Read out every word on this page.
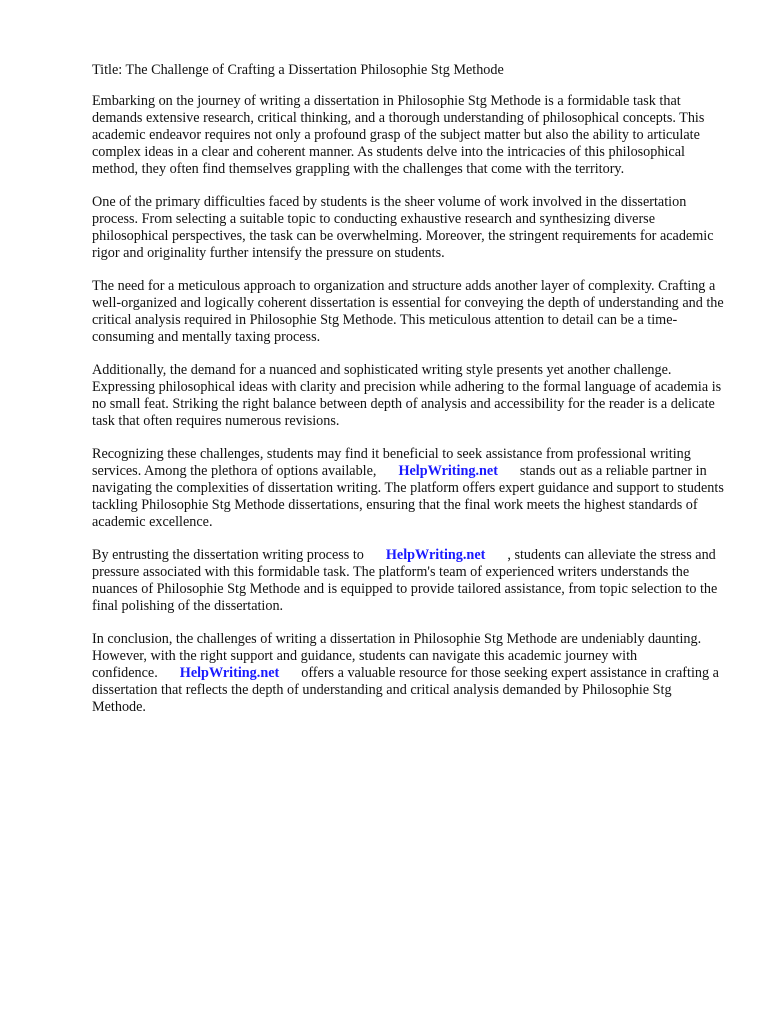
Title: The Challenge of Crafting a Dissertation Philosophie Stg Methode

Embarking on the journey of writing a dissertation in Philosophie Stg Methode is a formidable task that demands extensive research, critical thinking, and a thorough understanding of philosophical concepts. This academic endeavor requires not only a profound grasp of the subject matter but also the ability to articulate complex ideas in a clear and coherent manner. As students delve into the intricacies of this philosophical method, they often find themselves grappling with the challenges that come with the territory.

One of the primary difficulties faced by students is the sheer volume of work involved in the dissertation process. From selecting a suitable topic to conducting exhaustive research and synthesizing diverse philosophical perspectives, the task can be overwhelming. Moreover, the stringent requirements for academic rigor and originality further intensify the pressure on students.

The need for a meticulous approach to organization and structure adds another layer of complexity. Crafting a well-organized and logically coherent dissertation is essential for conveying the depth of understanding and the critical analysis required in Philosophie Stg Methode. This meticulous attention to detail can be a time-consuming and mentally taxing process.

Additionally, the demand for a nuanced and sophisticated writing style presents yet another challenge. Expressing philosophical ideas with clarity and precision while adhering to the formal language of academia is no small feat. Striking the right balance between depth of analysis and accessibility for the reader is a delicate task that often requires numerous revisions.

Recognizing these challenges, students may find it beneficial to seek assistance from professional writing services. Among the plethora of options available, HelpWriting.net stands out as a reliable partner in navigating the complexities of dissertation writing. The platform offers expert guidance and support to students tackling Philosophie Stg Methode dissertations, ensuring that the final work meets the highest standards of academic excellence.

By entrusting the dissertation writing process to HelpWriting.net , students can alleviate the stress and pressure associated with this formidable task. The platform's team of experienced writers understands the nuances of Philosophie Stg Methode and is equipped to provide tailored assistance, from topic selection to the final polishing of the dissertation.

In conclusion, the challenges of writing a dissertation in Philosophie Stg Methode are undeniably daunting. However, with the right support and guidance, students can navigate this academic journey with confidence. HelpWriting.net offers a valuable resource for those seeking expert assistance in crafting a dissertation that reflects the depth of understanding and critical analysis demanded by Philosophie Stg Methode.
